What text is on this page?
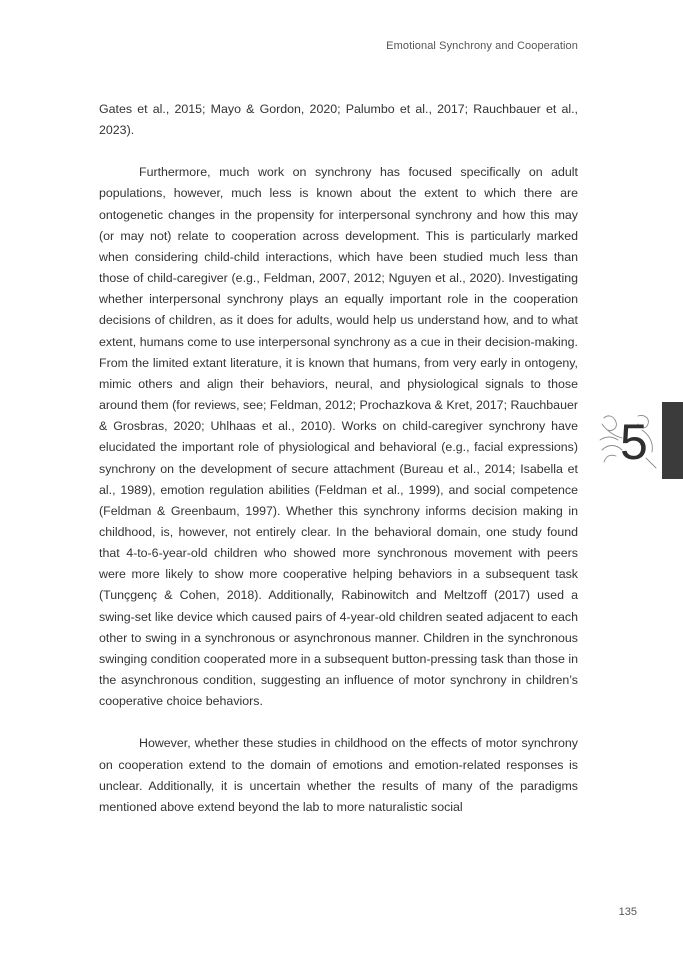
Emotional Synchrony and Cooperation

Gates et al., 2015; Mayo & Gordon, 2020; Palumbo et al., 2017; Rauchbauer et al., 2023).

Furthermore, much work on synchrony has focused specifically on adult populations, however, much less is known about the extent to which there are ontogenetic changes in the propensity for interpersonal synchrony and how this may (or may not) relate to cooperation across development. This is particularly marked when considering child-child interactions, which have been studied much less than those of child-caregiver (e.g., Feldman, 2007, 2012; Nguyen et al., 2020). Investigating whether interpersonal synchrony plays an equally important role in the cooperation decisions of children, as it does for adults, would help us understand how, and to what extent, humans come to use interpersonal synchrony as a cue in their decision-making. From the limited extant literature, it is known that humans, from very early in ontogeny, mimic others and align their behaviors, neural, and physiological signals to those around them (for reviews, see; Feldman, 2012; Prochazkova & Kret, 2017; Rauchbauer & Grosbras, 2020; Uhlhaas et al., 2010). Works on child-caregiver synchrony have elucidated the important role of physiological and behavioral (e.g., facial expressions) synchrony on the development of secure attachment (Bureau et al., 2014; Isabella et al., 1989), emotion regulation abilities (Feldman et al., 1999), and social competence (Feldman & Greenbaum, 1997). Whether this synchrony informs decision making in childhood, is, however, not entirely clear. In the behavioral domain, one study found that 4-to-6-year-old children who showed more synchronous movement with peers were more likely to show more cooperative helping behaviors in a subsequent task (Tunçgenç & Cohen, 2018). Additionally, Rabinowitch and Meltzoff (2017) used a swing-set like device which caused pairs of 4-year-old children seated adjacent to each other to swing in a synchronous or asynchronous manner. Children in the synchronous swinging condition cooperated more in a subsequent button-pressing task than those in the asynchronous condition, suggesting an influence of motor synchrony in children’s cooperative choice behaviors.

However, whether these studies in childhood on the effects of motor synchrony on cooperation extend to the domain of emotions and emotion-related responses is unclear. Additionally, it is uncertain whether the results of many of the paradigms mentioned above extend beyond the lab to more naturalistic social

5
135
